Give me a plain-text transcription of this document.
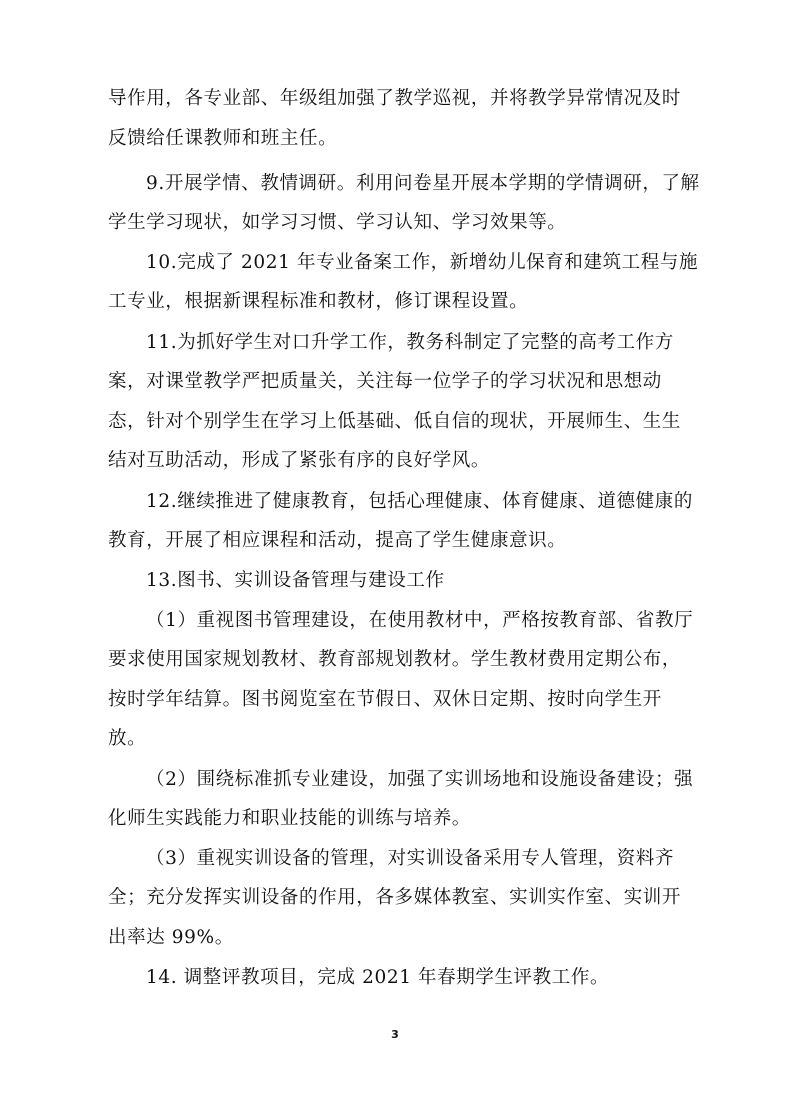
导作用，各专业部、年级组加强了教学巡视，并将教学异常情况及时
反馈给任课教师和班主任。
9.开展学情、教情调研。利用问卷星开展本学期的学情调研，了解
学生学习现状，如学习习惯、学习认知、学习效果等。
10.完成了 2021 年专业备案工作，新增幼儿保育和建筑工程与施
工专业，根据新课程标准和教材，修订课程设置。
11.为抓好学生对口升学工作，教务科制定了完整的高考工作方
案，对课堂教学严把质量关，关注每一位学子的学习状况和思想动
态，针对个别学生在学习上低基础、低自信的现状，开展师生、生生
结对互助活动，形成了紧张有序的良好学风。
12.继续推进了健康教育，包括心理健康、体育健康、道德健康的
教育，开展了相应课程和活动，提高了学生健康意识。
13.图书、实训设备管理与建设工作
（1）重视图书管理建设，在使用教材中，严格按教育部、省教厅
要求使用国家规划教材、教育部规划教材。学生教材费用定期公布，
按时学年结算。图书阅览室在节假日、双休日定期、按时向学生开
放。
（2）围绕标准抓专业建设，加强了实训场地和设施设备建设；强
化师生实践能力和职业技能的训练与培养。
（3）重视实训设备的管理，对实训设备采用专人管理，资料齐
全；充分发挥实训设备的作用，各多媒体教室、实训实作室、实训开
出率达 99%。
14. 调整评教项目，完成 2021 年春期学生评教工作。
3
